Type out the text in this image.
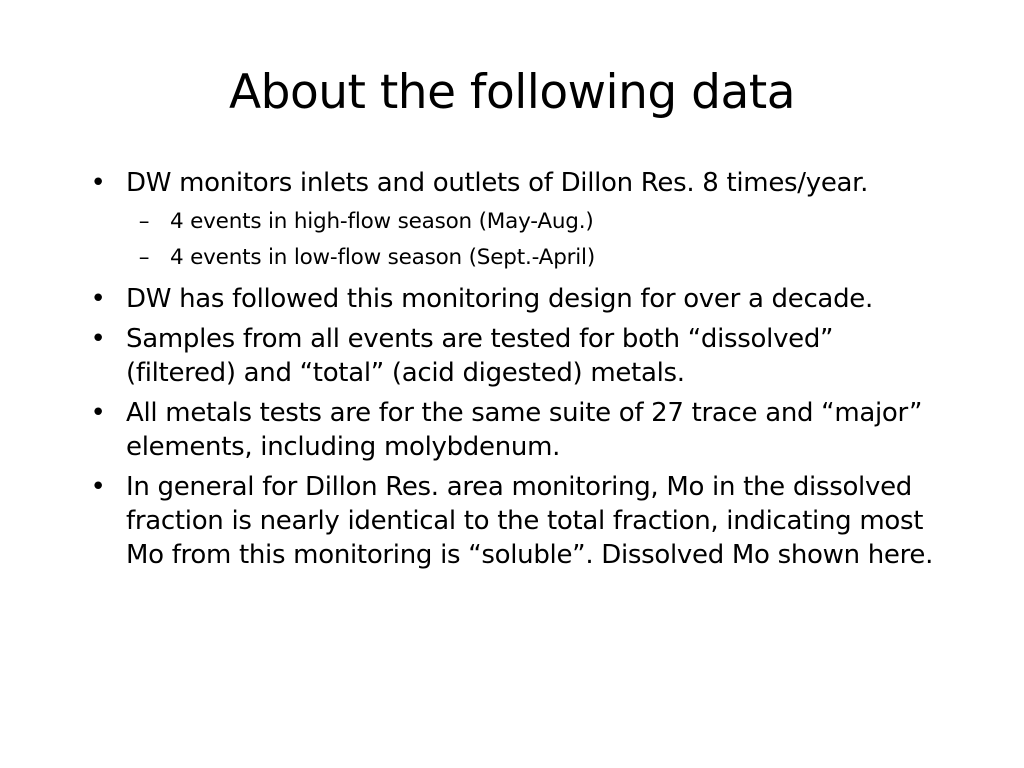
About the following data
• DW monitors inlets and outlets of Dillon Res. 8 times/year.
– 4 events in high-flow season (May-Aug.)
– 4 events in low-flow season (Sept.-April)
• DW has followed this monitoring design for over a decade.
• Samples from all events are tested for both “dissolved” (filtered) and “total” (acid digested) metals.
• All metals tests are for the same suite of 27 trace and “major” elements, including molybdenum.
• In general for Dillon Res. area monitoring, Mo in the dissolved fraction is nearly identical to the total fraction, indicating most Mo from this monitoring is “soluble”. Dissolved Mo shown here.
